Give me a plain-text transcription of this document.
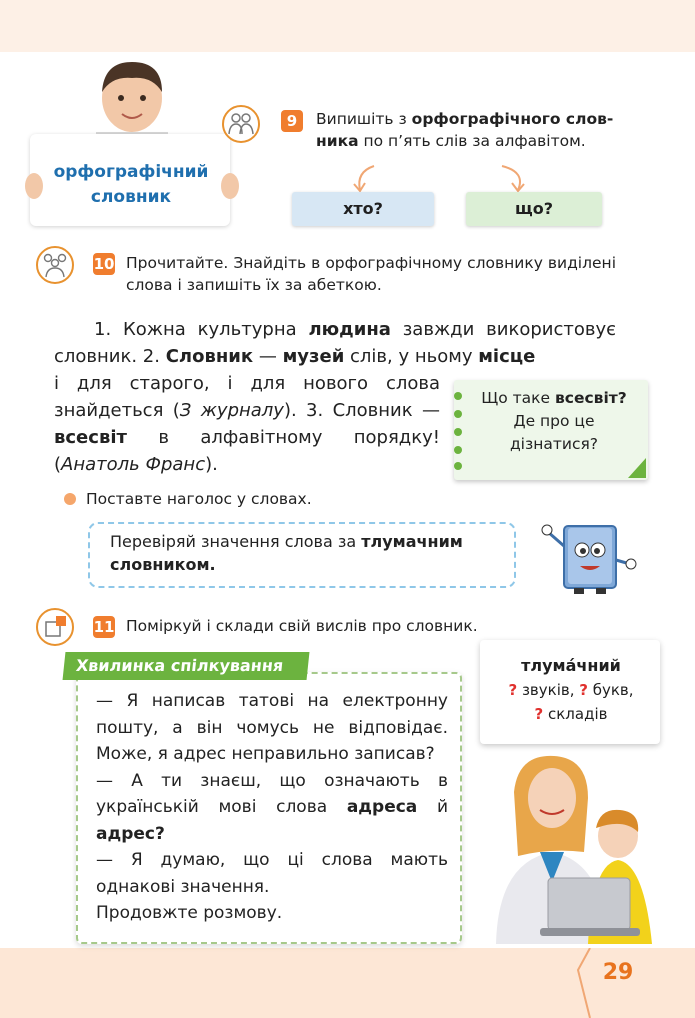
29
орфографічний
словник
9	Випишіть з орфографічного слов-ника по п’ять слів за алфавітом.
хто?	що?
10 Прочитайте. Знайдіть в орфографічному словнику виділені слова і запишіть їх за абеткою.
1. Кожна культурна людина завжди використовує словник. 2. Словник — музей слів, у ньому місце
і для старого, і для нового слова знайдеться (З журналу). 3. Словник — всесвіт в алфавітному порядку! (Анатоль Франс).
Що таке всесвіт?
Де про це
дізнатися?
Поставте наголос у словах.
Перевіряй значення слова за тлумачним словником.
11 Поміркуй і склади свій вислів про словник.
Хвилинка спілкування
— Я написав татові на електронну пошту, а він чомусь не відповідає. Може, я адрес неправильно записав?
— А ти знаєш, що означають в українській мові слова адреса й адрес?
— Я думаю, що ці слова мають однакові значення.
Продовжте розмову.
тлума́чний
? звуків, ? букв,
? складів
